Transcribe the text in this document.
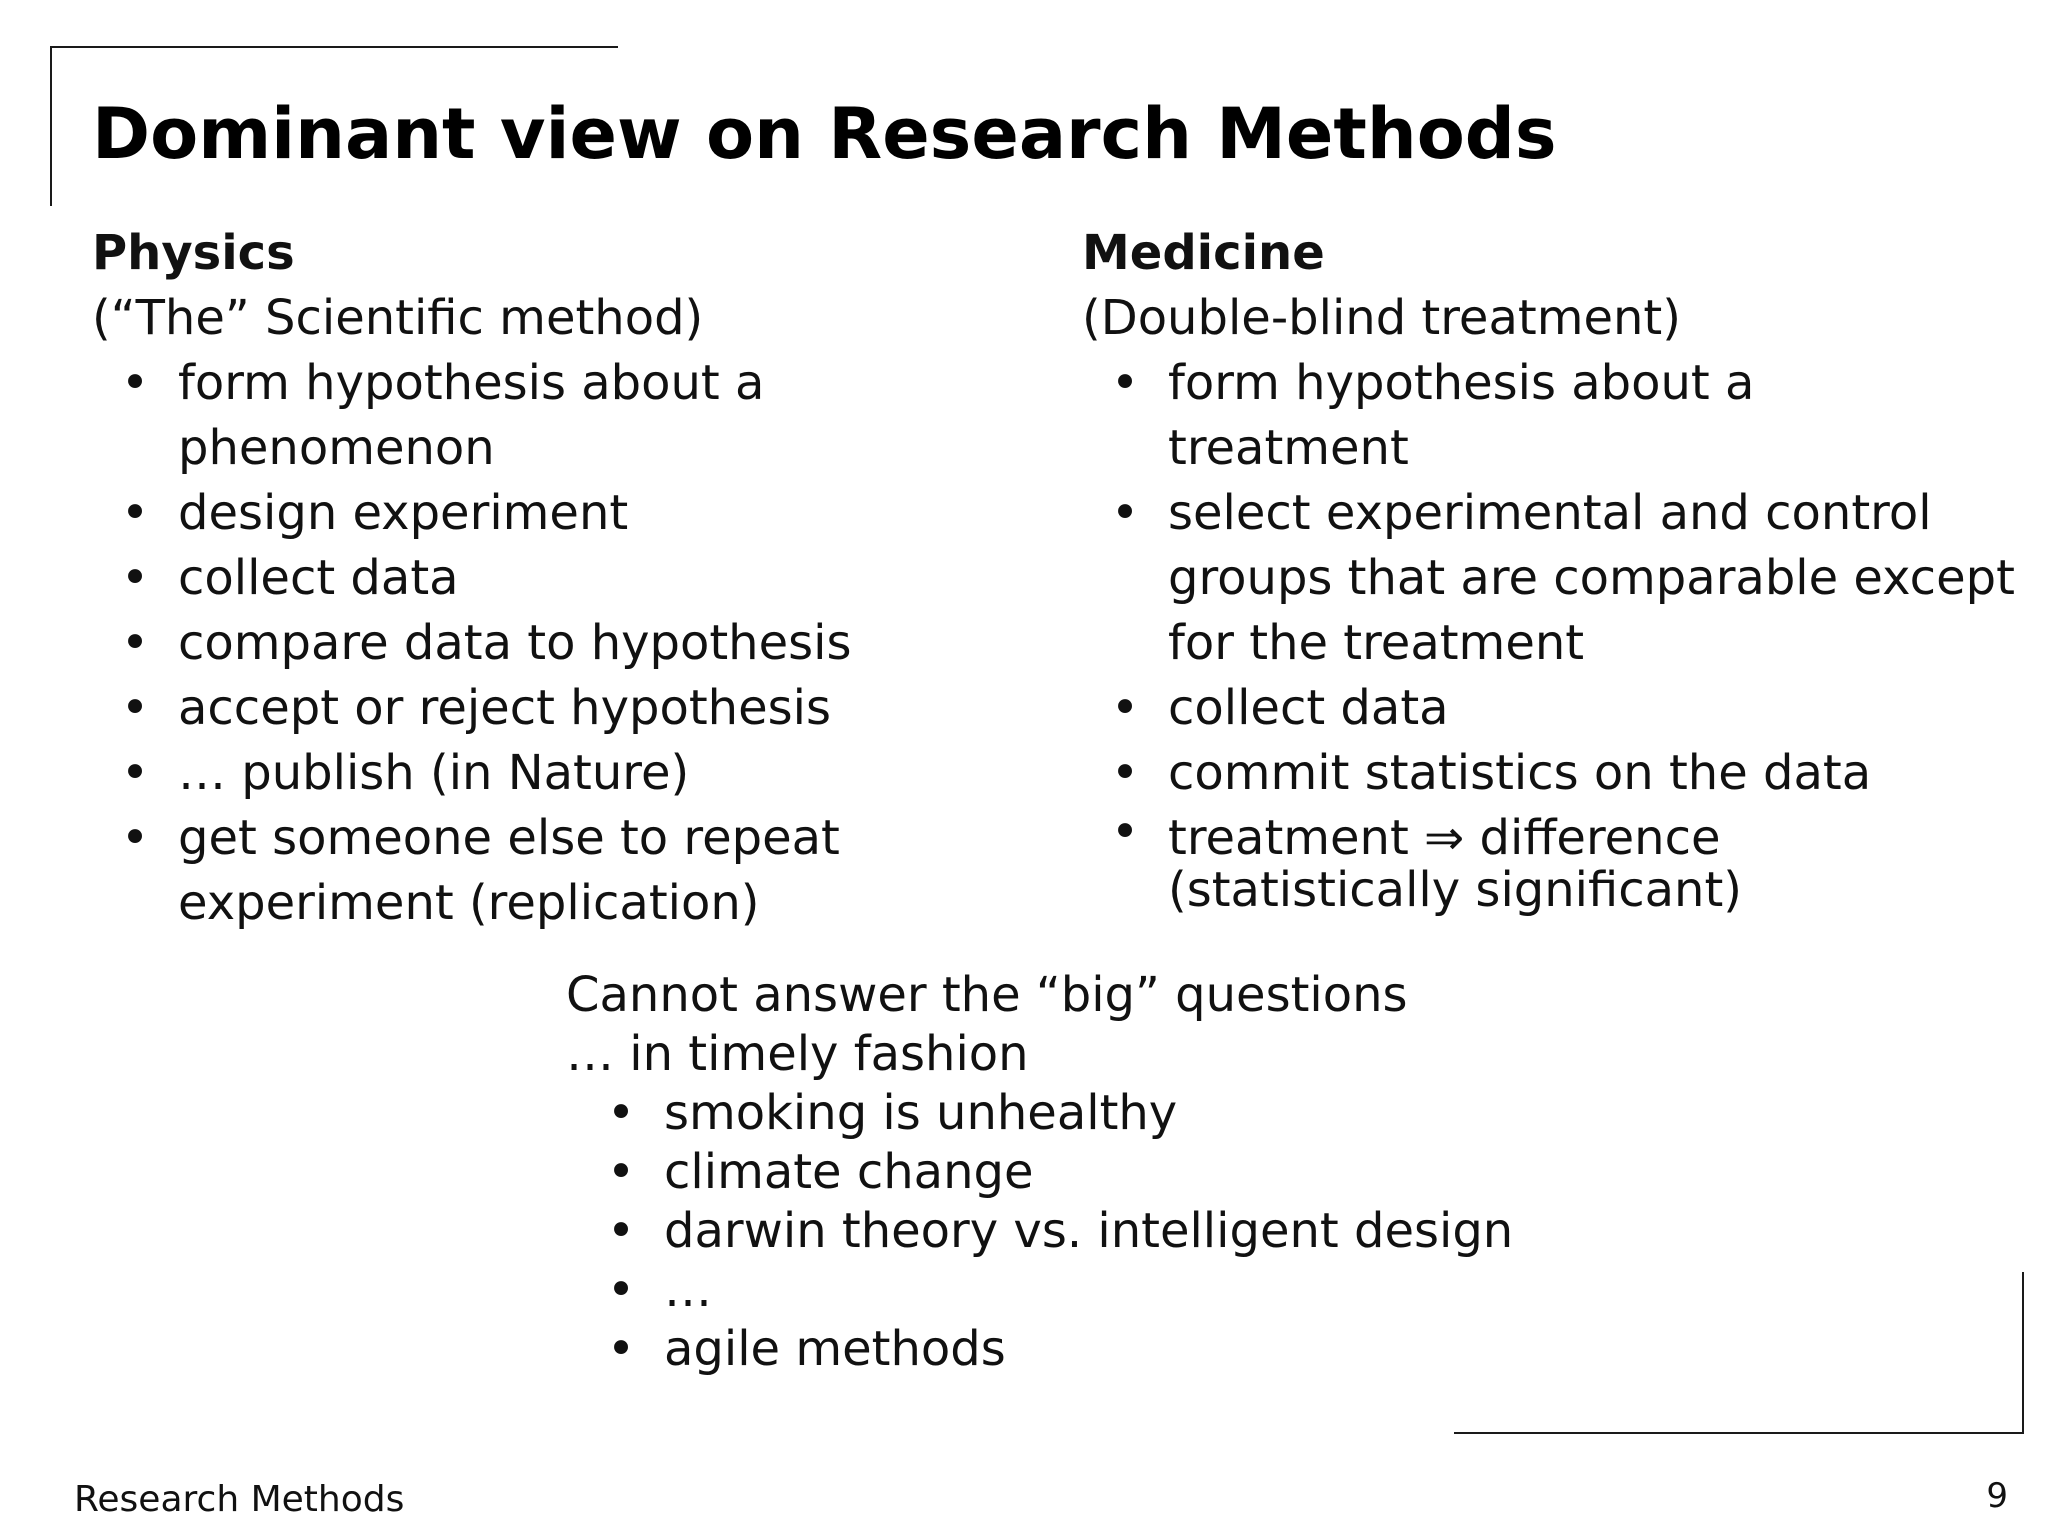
Dominant view on Research Methods

Physics

(“The” Scientific method)

• form hypothesis about a phenomenon
• design experiment
• collect data
• compare data to hypothesis
• accept or reject hypothesis
• … publish (in Nature)
• get someone else to repeat experiment (replication)

Medicine

(Double-blind treatment)

• form hypothesis about a treatment
• select experimental and control groups that are comparable except for the treatment
• collect data
• commit statistics on the data
• treatment ⇒ difference (statistically significant)

Cannot answer the “big” questions

… in timely fashion

• smoking is unhealthy
• climate change
• darwin theory vs. intelligent design
• …
• agile methods
Research Methods	9
